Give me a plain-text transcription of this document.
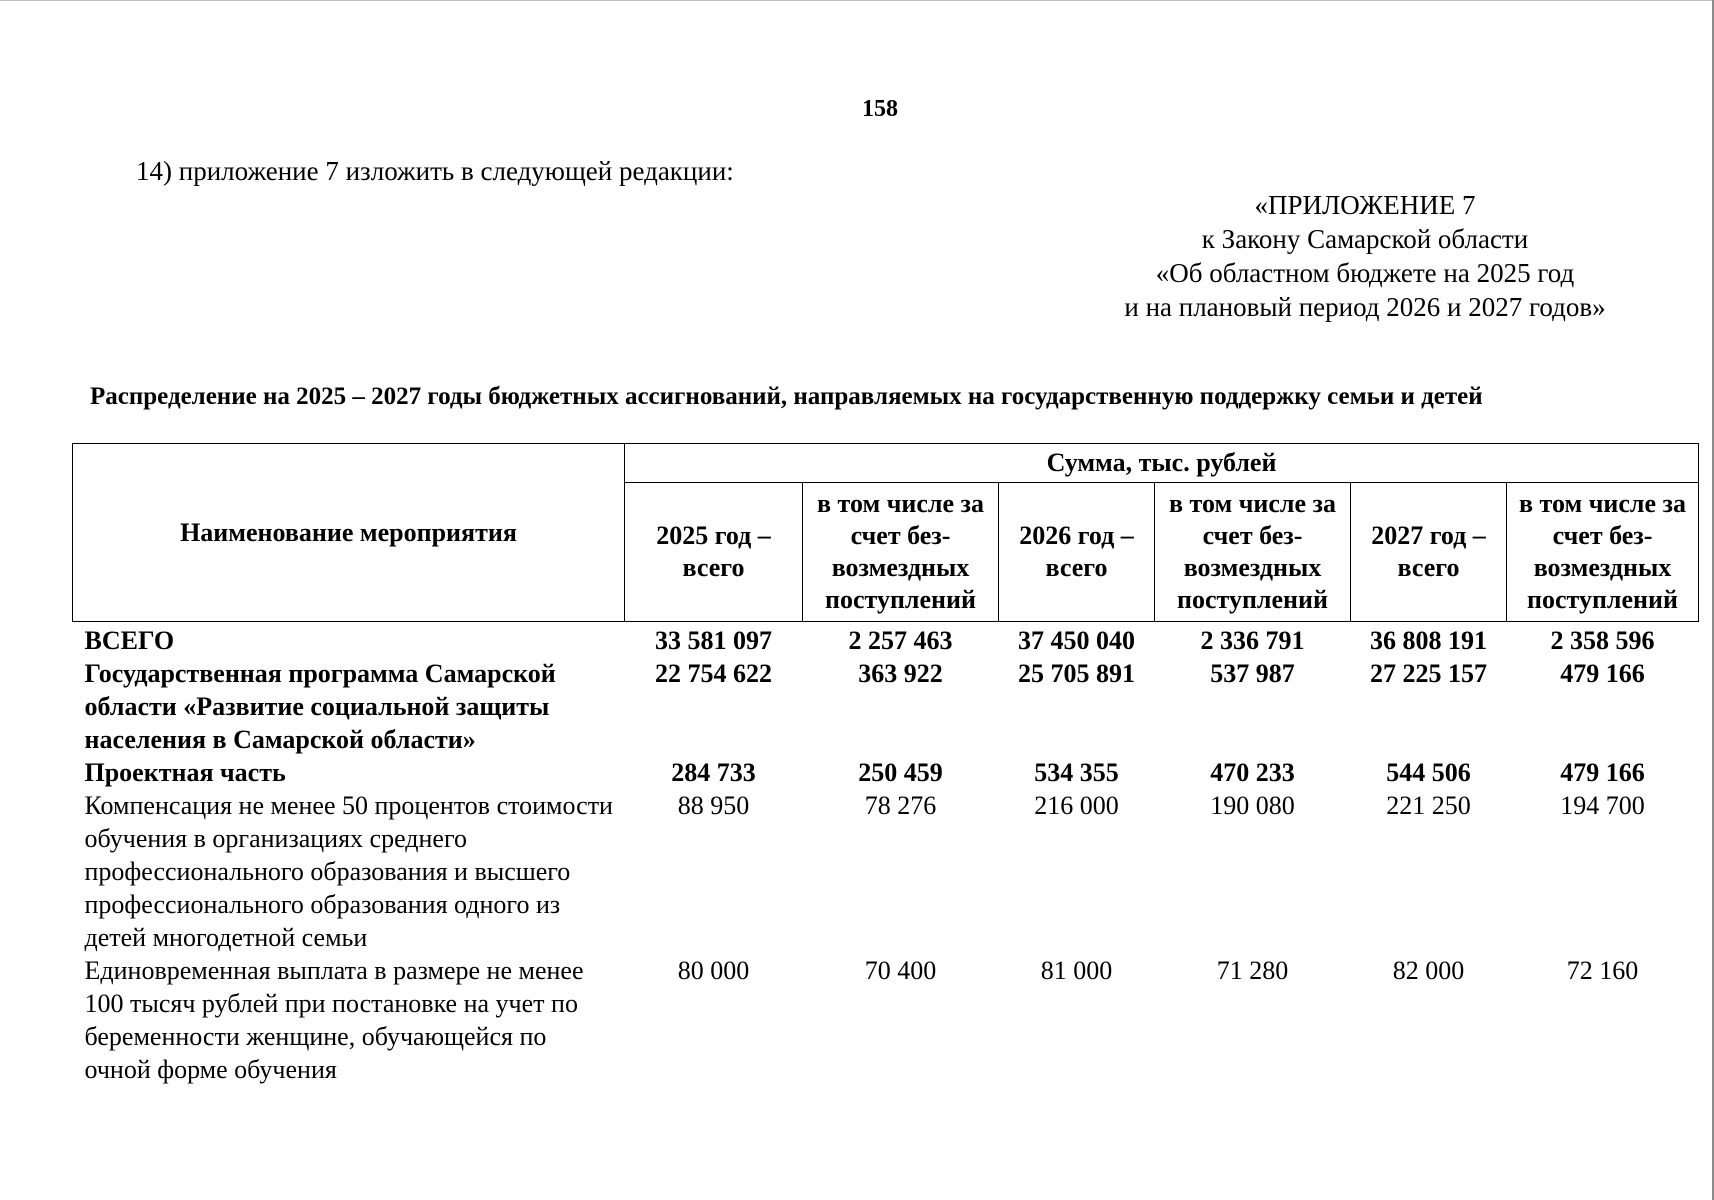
158
14) приложение 7 изложить в следующей редакции:
«ПРИЛОЖЕНИЕ 7
к Закону Самарской области
«Об областном бюджете на 2025 год
и на плановый период 2026 и 2027 годов»
Распределение на 2025 – 2027 годы бюджетных ассигнований, направляемых на государственную поддержку семьи и детей
Наименование мероприятия	Сумма, тыс. рублей					
	2025 год – всего	в том числе за счет без-возмездных поступлений	2026 год – всего	в том числе за счет без-возмездных поступлений	2027 год – всего	в том числе за счет без-возмездных поступлений
ВСЕГО	33 581 097	2 257 463	37 450 040	2 336 791	36 808 191	2 358 596
Государственная программа Самарской области «Развитие социальной защиты населения в Самарской области»	22 754 622	363 922	25 705 891	537 987	27 225 157	479 166
Проектная часть	284 733	250 459	534 355	470 233	544 506	479 166
Компенсация не менее 50 процентов стоимости обучения в организациях среднего профессионального образования и высшего профессионального образования одного из детей многодетной семьи	88 950	78 276	216 000	190 080	221 250	194 700
Единовременная выплата в размере не менее 100 тысяч рублей при постановке на учет по беременности женщине, обучающейся по очной форме обучения	80 000	70 400	81 000	71 280	82 000	72 160
